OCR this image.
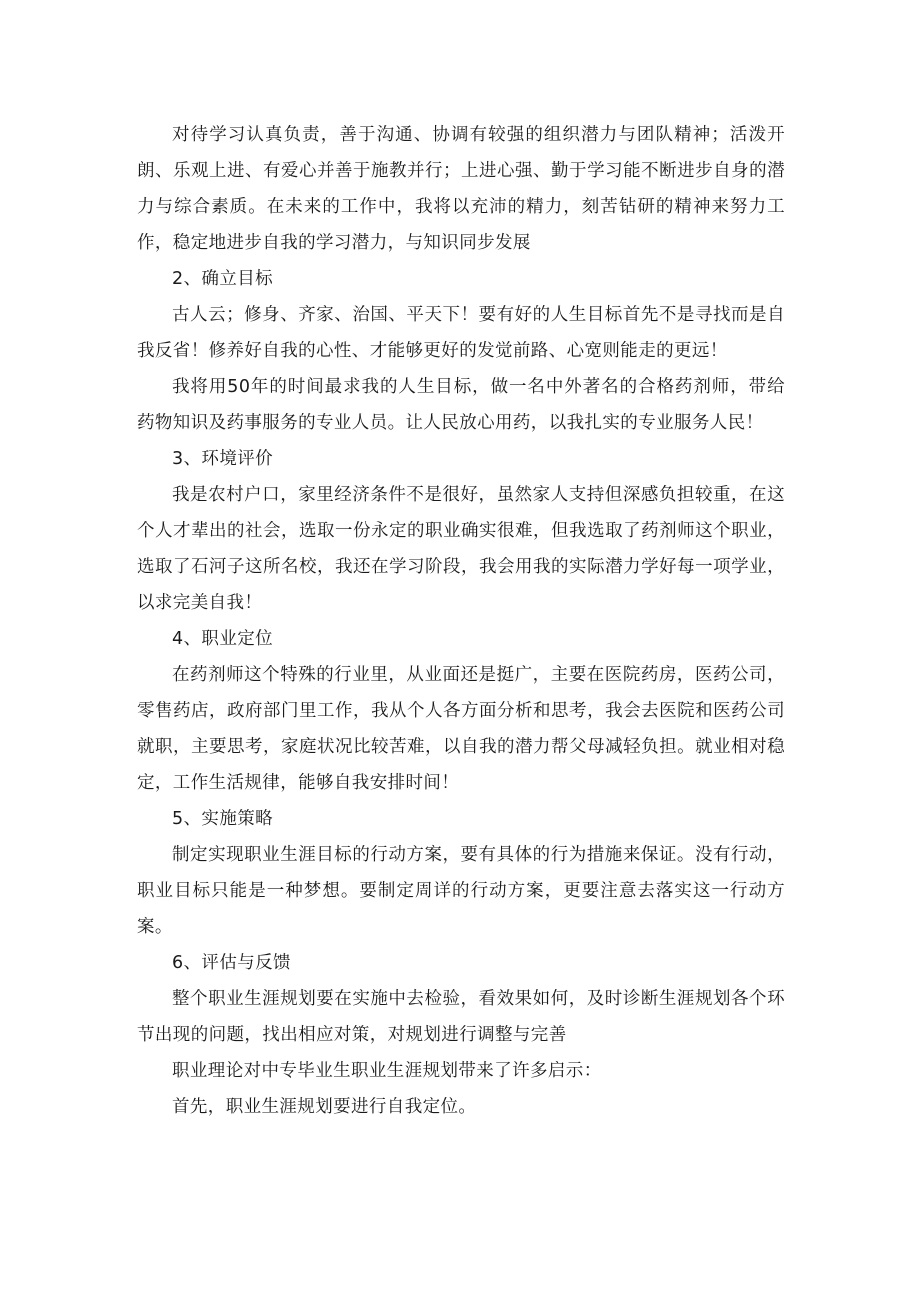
对待学习认真负责，善于沟通、协调有较强的组织潜力与团队精神；活泼开朗、乐观上进、有爱心并善于施教并行；上进心强、勤于学习能不断进步自身的潜力与综合素质。在未来的工作中，我将以充沛的精力，刻苦钻研的精神来努力工作，稳定地进步自我的学习潜力，与知识同步发展

2、确立目标

古人云；修身、齐家、治国、平天下！要有好的人生目标首先不是寻找而是自我反省！修养好自我的心性、才能够更好的发觉前路、心宽则能走的更远！

我将用50年的时间最求我的人生目标，做一名中外著名的合格药剂师，带给药物知识及药事服务的专业人员。让人民放心用药，以我扎实的专业服务人民！

3、环境评价

我是农村户口，家里经济条件不是很好，虽然家人支持但深感负担较重，在这个人才辈出的社会，选取一份永定的职业确实很难，但我选取了药剂师这个职业，选取了石河子这所名校，我还在学习阶段，我会用我的实际潜力学好每一项学业，以求完美自我！

4、职业定位

在药剂师这个特殊的行业里，从业面还是挺广，主要在医院药房，医药公司，零售药店，政府部门里工作，我从个人各方面分析和思考，我会去医院和医药公司就职，主要思考，家庭状况比较苦难，以自我的潜力帮父母减轻负担。就业相对稳定，工作生活规律，能够自我安排时间！

5、实施策略

制定实现职业生涯目标的行动方案，要有具体的行为措施来保证。没有行动，职业目标只能是一种梦想。要制定周详的行动方案，更要注意去落实这一行动方案。

6、评估与反馈

整个职业生涯规划要在实施中去检验，看效果如何，及时诊断生涯规划各个环节出现的问题，找出相应对策，对规划进行调整与完善

职业理论对中专毕业生职业生涯规划带来了许多启示：

首先，职业生涯规划要进行自我定位。
